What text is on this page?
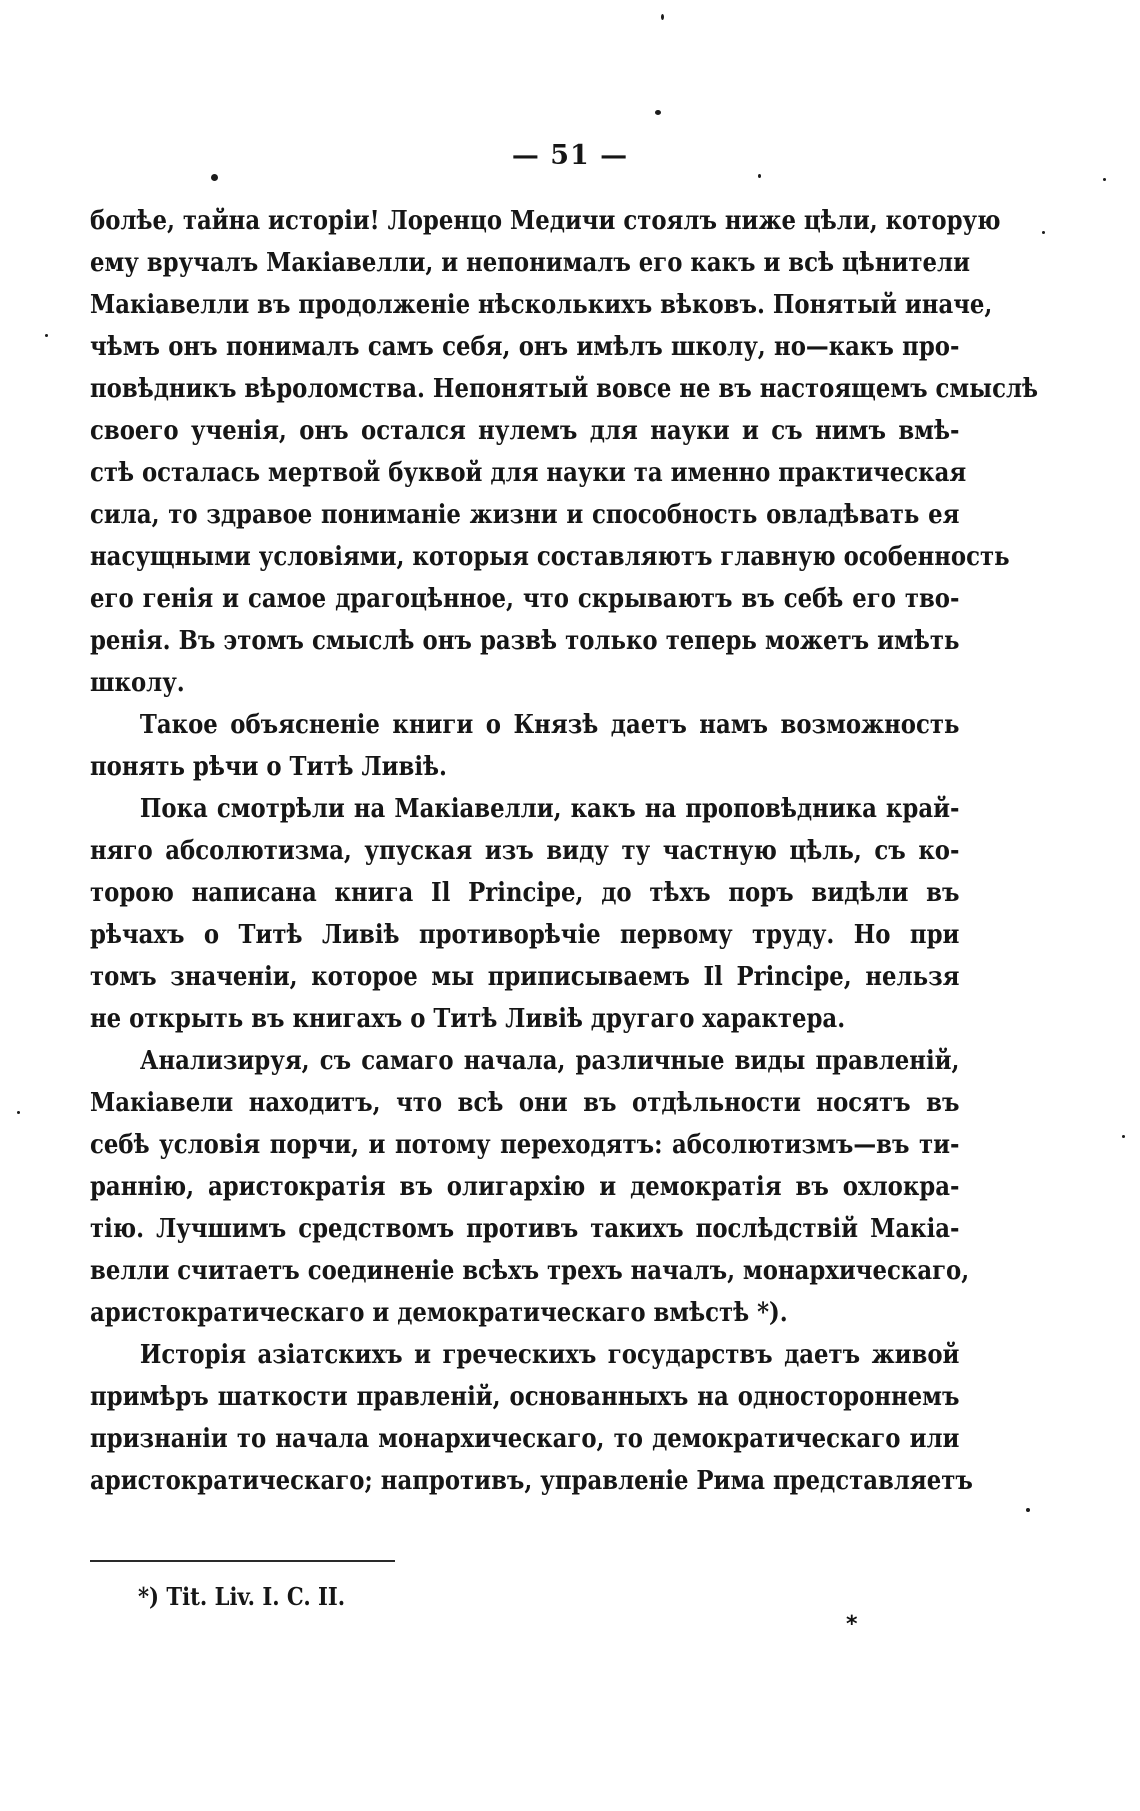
— 51 —
болѣе, тайна исторіи! Лоренцо Медичи стоялъ ниже цѣли, которую
ему вручалъ Макіавелли, и непонималъ его какъ и всѣ цѣнители
Макіавелли въ продолженіе нѣсколькихъ вѣковъ. Понятый иначе,
чѣмъ онъ понималъ самъ себя, онъ имѣлъ школу, но—какъ про-
повѣдникъ вѣроломства. Непонятый вовсе не въ настоящемъ смыслѣ
своего ученія, онъ остался нулемъ для науки и съ нимъ вмѣ-
стѣ осталась мертвой буквой для науки та именно практическая
сила, то здравое пониманіе жизни и способность овладѣвать ея
насущными условіями, которыя составляютъ главную особенность
его генія и самое драгоцѣнное, что скрываютъ въ себѣ его тво-
ренія. Въ этомъ смыслѣ онъ развѣ только теперь можетъ имѣть
школу.
Такое объясненіе книги о Князѣ даетъ намъ возможность
понять рѣчи о Титѣ Ливіѣ.
Пока смотрѣли на Макіавелли, какъ на проповѣдника край-
няго абсолютизма, упуская изъ виду ту частную цѣль, съ ко-
торою написана книга Il Principe, до тѣхъ поръ видѣли въ
рѣчахъ о Титѣ Ливіѣ противорѣчіе первому труду. Но при
томъ значеніи, которое мы приписываемъ Il Principe, нельзя
не открыть въ книгахъ о Титѣ Ливіѣ другаго характера.
Анализируя, съ самаго начала, различные виды правленій,
Макіавели находитъ, что всѣ они въ отдѣльности носятъ въ
себѣ условія порчи, и потому переходятъ: абсолютизмъ—въ ти-
раннію, аристократія въ олигархію и демократія въ охлокра-
тію. Лучшимъ средствомъ противъ такихъ послѣдствій Макіа-
велли считаетъ соединеніе всѣхъ трехъ началъ, монархическаго,
аристократическаго и демократическаго вмѣстѣ *).
Исторія азіатскихъ и греческихъ государствъ даетъ живой
примѣръ шаткости правленій, основанныхъ на одностороннемъ
признаніи то начала монархическаго, то демократическаго или
аристократическаго; напротивъ, управленіе Рима представляетъ
*) Tit. Liv. I. C. II.
*
